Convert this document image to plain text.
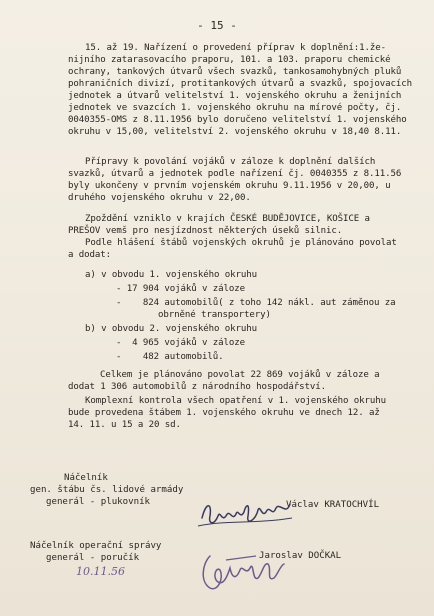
- 15 -
15. až 19. Nařízení o provedení příprav k doplnění:1.že-
nijního zatarasovacího praporu, 101. a 103. praporu chemické
ochrany, tankových útvarů všech svazků, tankosamohybných pluků
pohraničních divizí, protitankových útvarů a svazků, spojovacích
jednotek a útvarů velitelství 1. vojenského okruhu a ženijních
jednotek ve svazcích 1. vojenského okruhu na mírové počty, čj.
0040355-OMS z 8.11.1956 bylo doručeno velitelství 1. vojenského
okruhu v 15,00, velitelství 2. vojenského okruhu v 18,40 8.11.
Přípravy k povolání vojáků v záloze k doplnění dalších
svazků, útvarů a jednotek podle nařízení čj. 0040355 z 8.11.56
byly ukončeny v prvním vojenském okruhu 9.11.1956 v 20,00, u
druhého vojenského okruhu v 22,00.
Zpoždění vzniklo v krajích ČESKÉ BUDĚJOVICE, KOŠICE a
PREŠOV vemš pro nesjízdnost některých úseků silnic.
Podle hlášení štábů vojenských okruhů je plánováno povolat
a dodat:
a) v obvodu 1. vojenského okruhu
- 17 904 vojáků v záloze
-    824 automobilů( z toho 142 nákl. aut záměnou za
obrněné transportery)
b) v obvodu 2. vojenského okruhu
-  4 965 vojáků v záloze
-    482 automobilů.
Celkem je plánováno povolat 22 869 vojáků v záloze a
dodat 1 306 automobilů z národního hospodářství.
Komplexní kontrola všech opatření v 1. vojenského okruhu
bude provedena štábem 1. vojenského okruhu ve dnech 12. až
14. 11. u 15 a 20 sd.
Náčelník
gen. štábu čs. lidové armády
generál - plukovník	Václav KRATOCHVÍL
Náčelník operační správy
generál - poručík	Jaroslav DOČKAL
10.11.56
